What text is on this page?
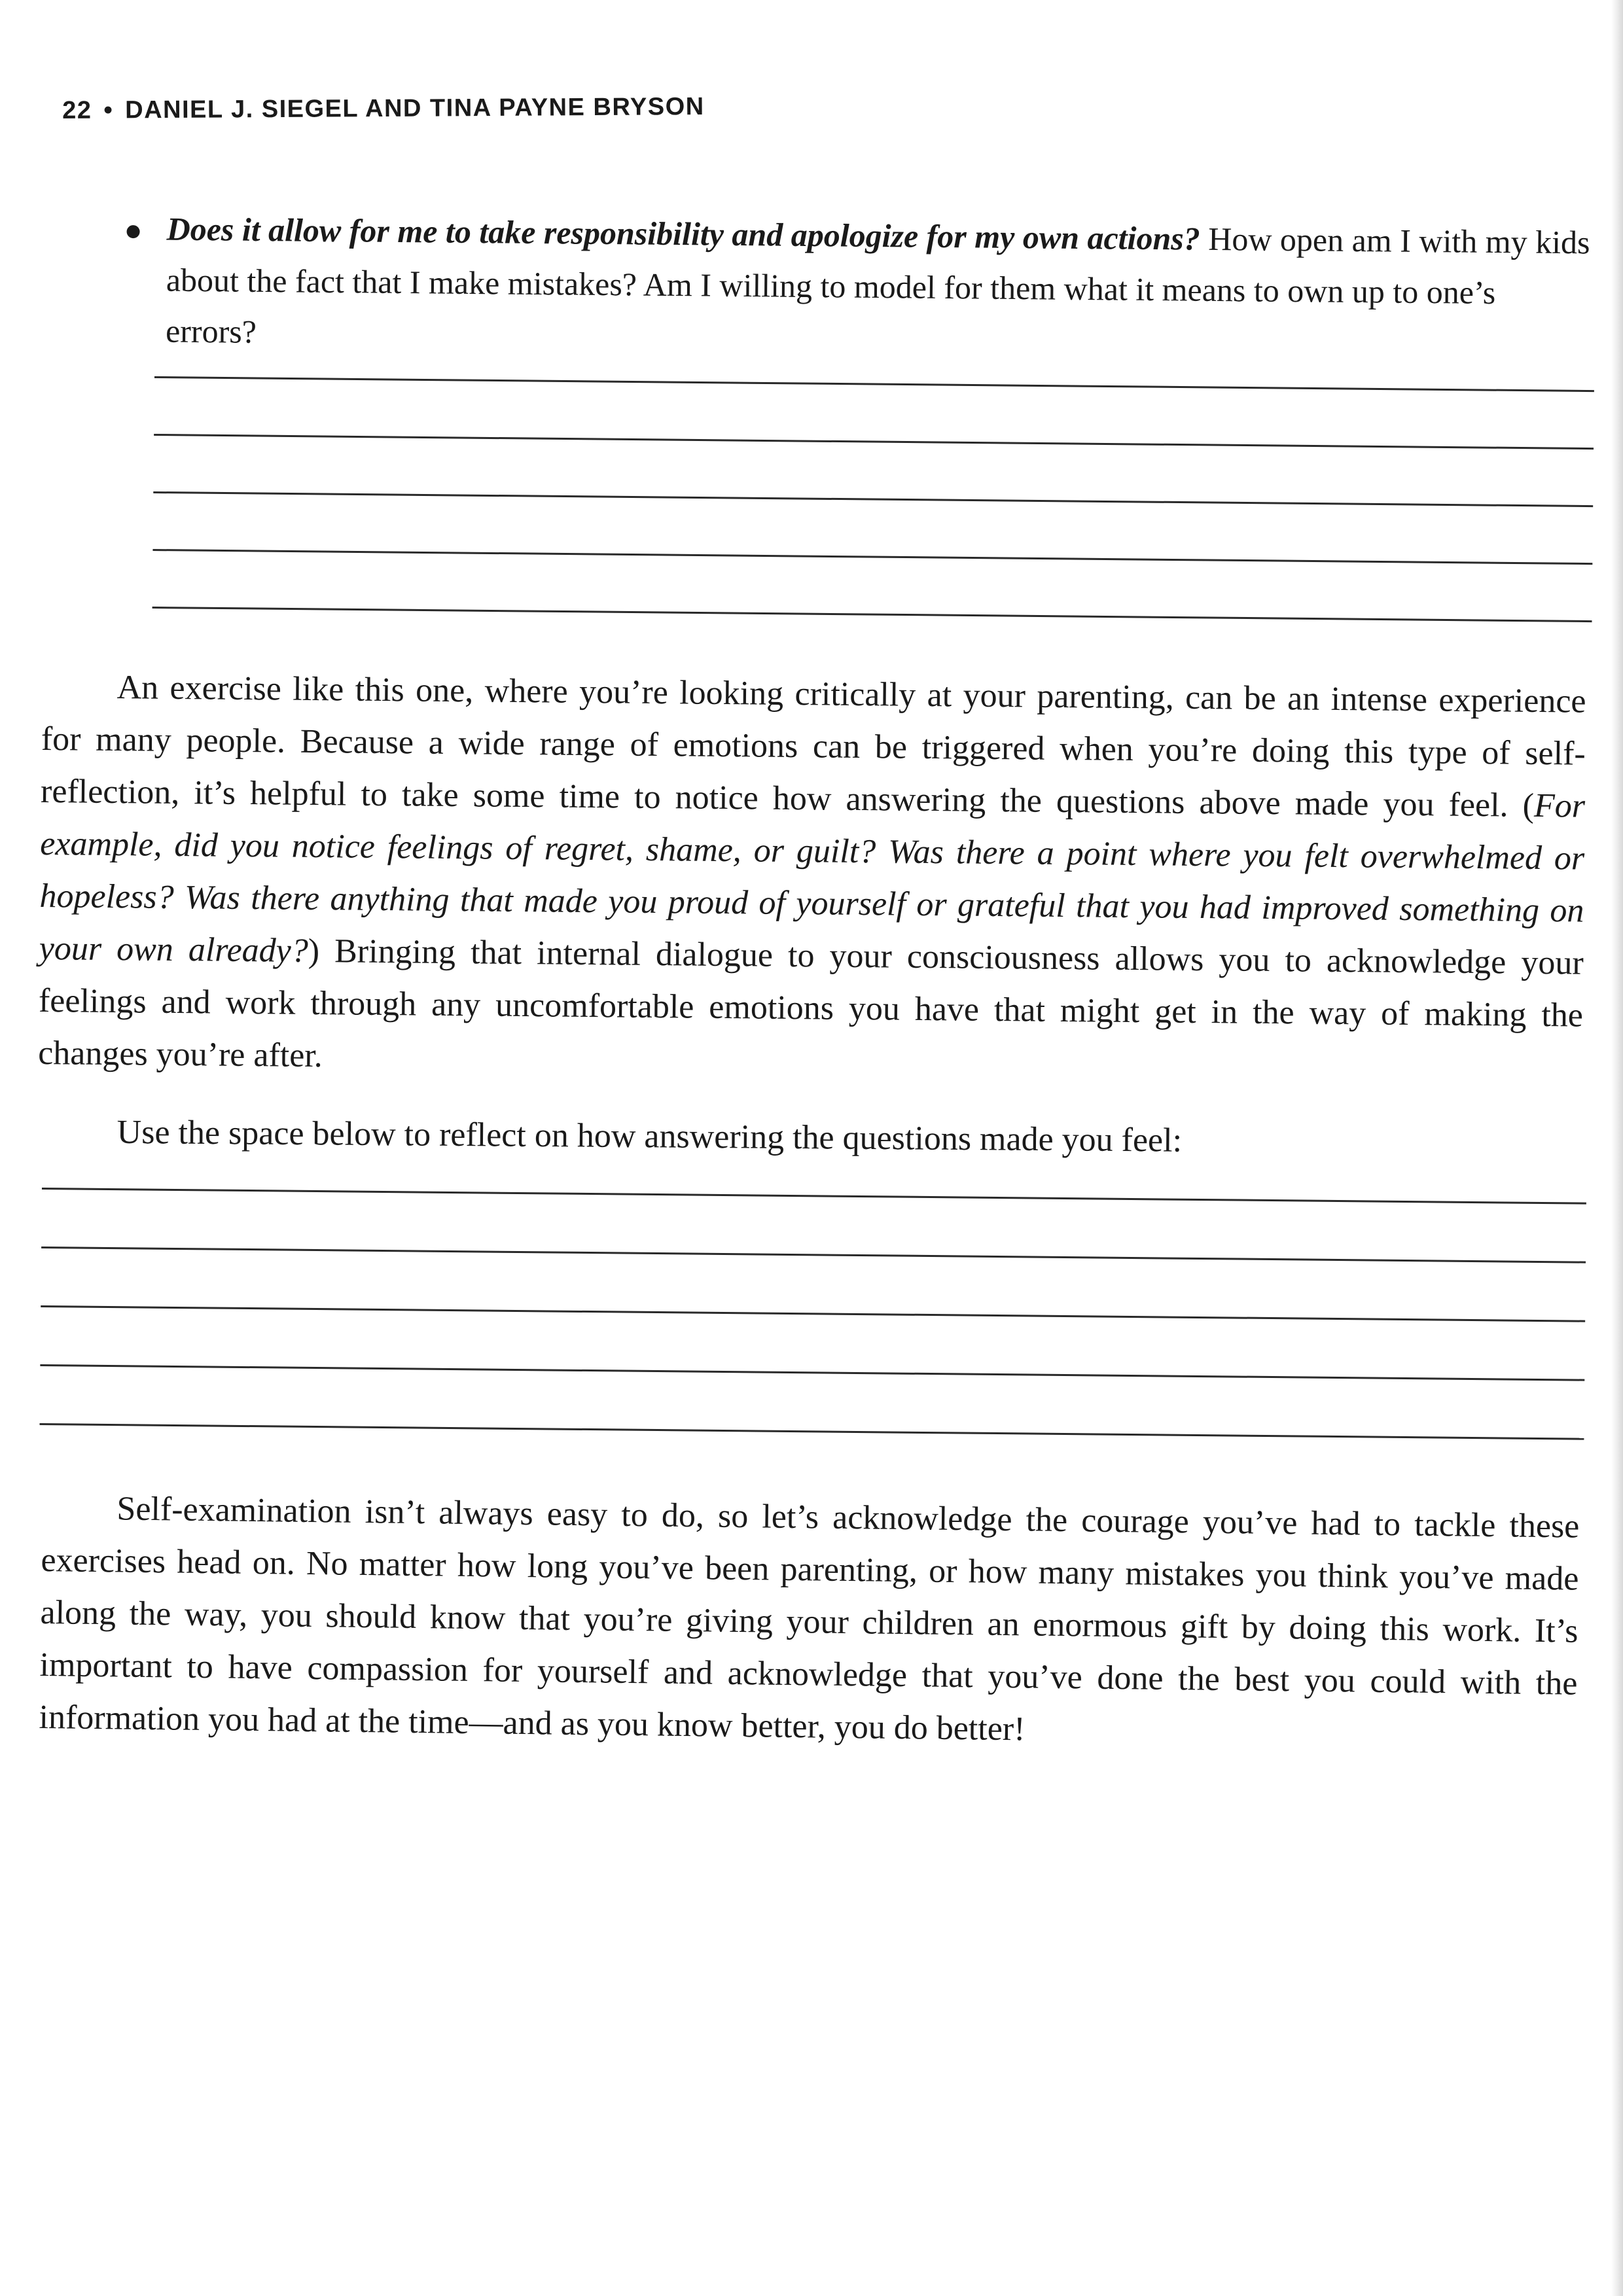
22 • DANIEL J. SIEGEL AND TINA PAYNE BRYSON
Does it allow for me to take responsibility and apologize for my own actions? How open am I with my kids about the fact that I make mistakes? Am I willing to model for them what it means to own up to one’s errors?

An exercise like this one, where you’re looking critically at your parenting, can be an intense experience for many people. Because a wide range of emotions can be triggered when you’re doing this type of self-reflection, it’s helpful to take some time to notice how answering the questions above made you feel. (For example, did you notice feelings of regret, shame, or guilt? Was there a point where you felt overwhelmed or hopeless? Was there anything that made you proud of yourself or grateful that you had improved something on your own already?) Bringing that internal dialogue to your consciousness allows you to acknowledge your feelings and work through any uncomfortable emotions you have that might get in the way of making the changes you’re after.

Use the space below to reflect on how answering the questions made you feel:

Self-examination isn’t always easy to do, so let’s acknowledge the courage you’ve had to tackle these exercises head on. No matter how long you’ve been parenting, or how many mistakes you think you’ve made along the way, you should know that you’re giving your children an enormous gift by doing this work. It’s important to have compassion for yourself and acknowledge that you’ve done the best you could with the information you had at the time—and as you know better, you do better!
